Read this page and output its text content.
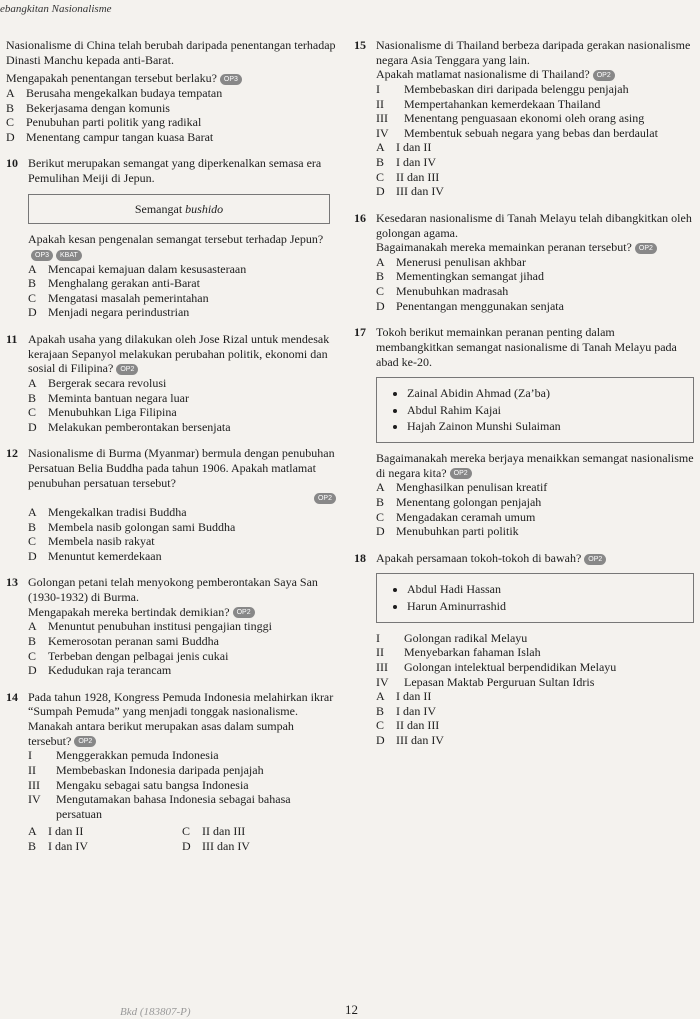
ebangkitan Nasionalisme

Nasionalisme di China telah berubah daripada penentangan terhadap Dinasti Manchu kepada anti-Barat.

Mengapakah penentangan tersebut berlaku? OP3

A Berusaha mengekalkan budaya tempatan
B Bekerjasama dengan komunis
C Penubuhan parti politik yang radikal
D Menentang campur tangan kuasa Barat
10 Berikut merupakan semangat yang diperkenalkan semasa era Pemulihan Meiji di Jepun.

Semangat bushido

Apakah kesan pengenalan semangat tersebut terhadap Jepun?OP3 KBAT

A Mencapai kemajuan dalam kesusasteraan
B Menghalang gerakan anti-Barat
C Mengatasi masalah pemerintahan
D Menjadi negara perindustrian
11 Apakah usaha yang dilakukan oleh Jose Rizal untuk mendesak kerajaan Sepanyol melakukan perubahan politik, ekonomi dan sosial di Filipina? OP2

A Bergerak secara revolusi
B Meminta bantuan negara luar
C Menubuhkan Liga Filipina
D Melakukan pemberontakan bersenjata
12 Nasionalisme di Burma (Myanmar) bermula dengan penubuhan Persatuan Belia Buddha pada tahun 1906. Apakah matlamat penubuhan persatuan tersebut?

OP2

A Mengekalkan tradisi Buddha
B Membela nasib golongan sami Buddha
C Membela nasib rakyat
D Menuntut kemerdekaan
13 Golongan petani telah menyokong pemberontakan Saya San (1930-1932) di Burma.

Mengapakah mereka bertindak demikian? OP2

A Menuntut penubuhan institusi pengajian tinggi
B Kemerosotan peranan sami Buddha
C Terbeban dengan pelbagai jenis cukai
D Kedudukan raja terancam
14 Pada tahun 1928, Kongress Pemuda Indonesia melahirkan ikrar “Sumpah Pemuda” yang menjadi tonggak nasionalisme.

Manakah antara berikut merupakan asas dalam sumpah tersebut? OP2

I	Menggerakkan pemuda Indonesia
II	Membebaskan Indonesia daripada penjajah
III	Mengaku sebagai satu bangsa Indonesia
IV	Mengutamakan bahasa Indonesia sebagai bahasa persatuan
A I dan II	C II dan III
B I dan IV	D III dan IV
15 Nasionalisme di Thailand berbeza daripada gerakan nasionalisme negara Asia Tenggara yang lain.

Apakah matlamat nasionalisme di Thailand? OP2

I	Membebaskan diri daripada belenggu penjajah
II	Mempertahankan kemerdekaan Thailand
III	Menentang penguasaan ekonomi oleh orang asing
IV	Membentuk sebuah negara yang bebas dan berdaulat
A I dan II
B I dan IV
C II dan III
D III dan IV
16 Kesedaran nasionalisme di Tanah Melayu telah dibangkitkan oleh golongan agama.

Bagaimanakah mereka memainkan peranan tersebut? OP2

A Menerusi penulisan akhbar
B Mementingkan semangat jihad
C Menubuhkan madrasah
D Penentangan menggunakan senjata
17 Tokoh berikut memainkan peranan penting dalam membangkitkan semangat nasionalisme di Tanah Melayu pada abad ke-20.

• Zainal Abidin Ahmad (Za’ba)
• Abdul Rahim Kajai
• Hajah Zainon Munshi Sulaiman

Bagaimanakah mereka berjaya menaikkan semangat nasionalisme di negara kita? OP2

A Menghasilkan penulisan kreatif
B Menentang golongan penjajah
C Mengadakan ceramah umum
D Menubuhkan parti politik
18 Apakah persamaan tokoh-tokoh di bawah? OP2

• Abdul Hadi Hassan
• Harun Aminurrashid
I	Golongan radikal Melayu
II	Menyebarkan fahaman Islah
III	Golongan intelektual berpendidikan Melayu
IV	Lepasan Maktab Perguruan Sultan Idris
A I dan II
B I dan IV
C II dan III
D III dan IV
Bkd (183807-P)	12
